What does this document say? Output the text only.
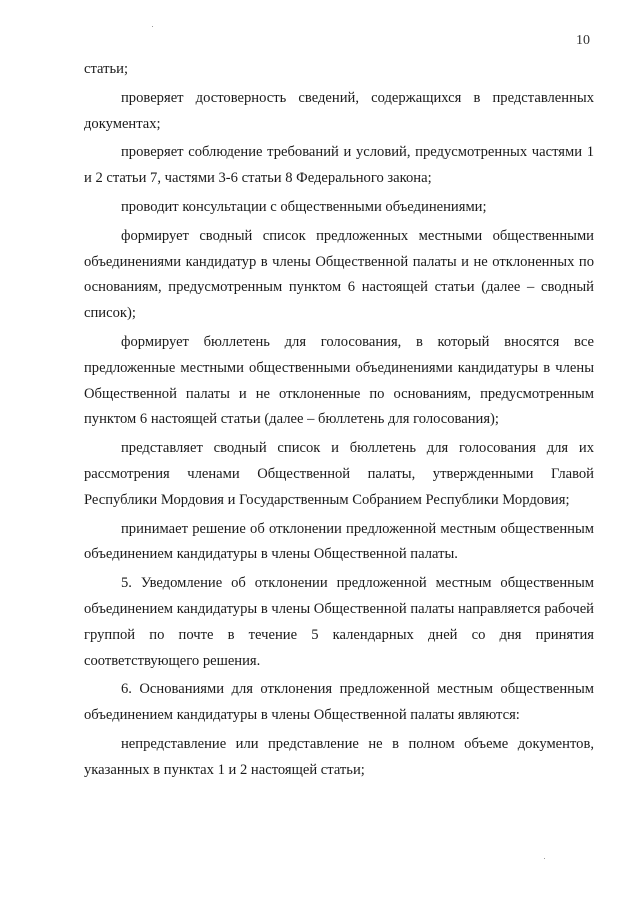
10

статьи;

проверяет достоверность сведений, содержащихся в представленных документах;

проверяет соблюдение требований и условий, предусмотренных частями 1 и 2 статьи 7, частями 3-6 статьи 8 Федерального закона;

проводит консультации с общественными объединениями;

формирует сводный список предложенных местными общественными объединениями кандидатур в члены Общественной палаты и не отклоненных по основаниям, предусмотренным пунктом 6 настоящей статьи (далее – сводный список);

формирует бюллетень для голосования, в который вносятся все предложенные местными общественными объединениями кандидатуры в члены Общественной палаты и не отклоненные по основаниям, предусмотренным пунктом 6 настоящей статьи (далее – бюллетень для голосования);

представляет сводный список и бюллетень для голосования для их рассмотрения членами Общественной палаты, утвержденными Главой Республики Мордовия и Государственным Собранием Республики Мордовия;

принимает решение об отклонении предложенной местным общественным объединением кандидатуры в члены Общественной палаты.

5. Уведомление об отклонении предложенной местным общественным объединением кандидатуры в члены Общественной палаты направляется рабочей группой по почте в течение 5 календарных дней со дня принятия соответствующего решения.

6. Основаниями для отклонения предложенной местным общественным объединением кандидатуры в члены Общественной палаты являются:

непредставление или представление не в полном объеме документов, указанных в пунктах 1 и 2 настоящей статьи;
